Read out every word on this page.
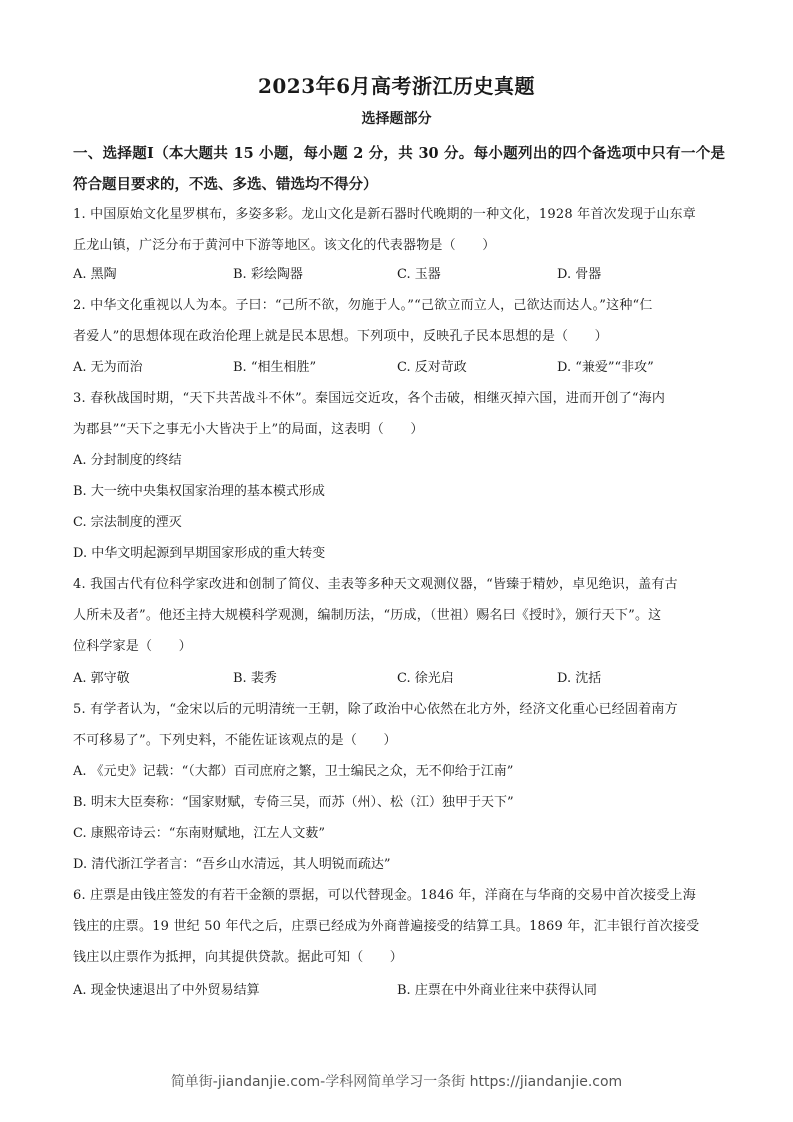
2023年6月高考浙江历史真题
选择题部分
一、选择题Ⅰ（本大题共 15 小题，每小题 2 分，共 30 分。每小题列出的四个备选项中只有一个是符合题目要求的，不选、多选、错选均不得分）
1. 中国原始文化星罗棋布，多姿多彩。龙山文化是新石器时代晚期的一种文化，1928 年首次发现于山东章
丘龙山镇，广泛分布于黄河中下游等地区。该文化的代表器物是（　　）
A. 黑陶	B. 彩绘陶器	C. 玉器	D. 骨器
2. 中华文化重视以人为本。子曰：“己所不欲，勿施于人。”“己欲立而立人，己欲达而达人。”这种“仁
者爱人”的思想体现在政治伦理上就是民本思想。下列项中，反映孔子民本思想的是（　　）
A. 无为而治	B. “相生相胜”	C. 反对苛政	D. “兼爱”“非攻”
3. 春秋战国时期，“天下共苦战斗不休”。秦国远交近攻，各个击破，相继灭掉六国，进而开创了“海内
为郡县”“天下之事无小大皆决于上”的局面，这表明（　　）
A. 分封制度的终结
B. 大一统中央集权国家治理的基本模式形成
C. 宗法制度的湮灭
D. 中华文明起源到早期国家形成的重大转变
4. 我国古代有位科学家改进和创制了简仪、圭表等多种天文观测仪器，“皆臻于精妙，卓见绝识，盖有古
人所未及者”。他还主持大规模科学观测，编制历法，“历成，（世祖）赐名曰《授时》，颁行天下”。这
位科学家是（　　）
A. 郭守敬	B. 裴秀	C. 徐光启	D. 沈括
5. 有学者认为，“金宋以后的元明清统一王朝，除了政治中心依然在北方外，经济文化重心已经固着南方
不可移易了”。下列史料，不能佐证该观点的是（　　）
A. 《元史》记载：“（大都）百司庶府之繁，卫士编民之众，无不仰给于江南”
B. 明末大臣奏称：“国家财赋，专倚三吴，而苏（州）、松（江）独甲于天下”
C. 康熙帝诗云：“东南财赋地，江左人文薮”
D. 清代浙江学者言：“吾乡山水清远，其人明锐而疏达”
6. 庄票是由钱庄签发的有若干金额的票据，可以代替现金。1846 年，洋商在与华商的交易中首次接受上海
钱庄的庄票。19 世纪 50 年代之后，庄票已经成为外商普遍接受的结算工具。1869 年，汇丰银行首次接受
钱庄以庄票作为抵押，向其提供贷款。据此可知（　　）
A. 现金快速退出了中外贸易结算	B. 庄票在中外商业往来中获得认同
简单街-jiandanjie.com-学科网简单学习一条街 https://jiandanjie.com
